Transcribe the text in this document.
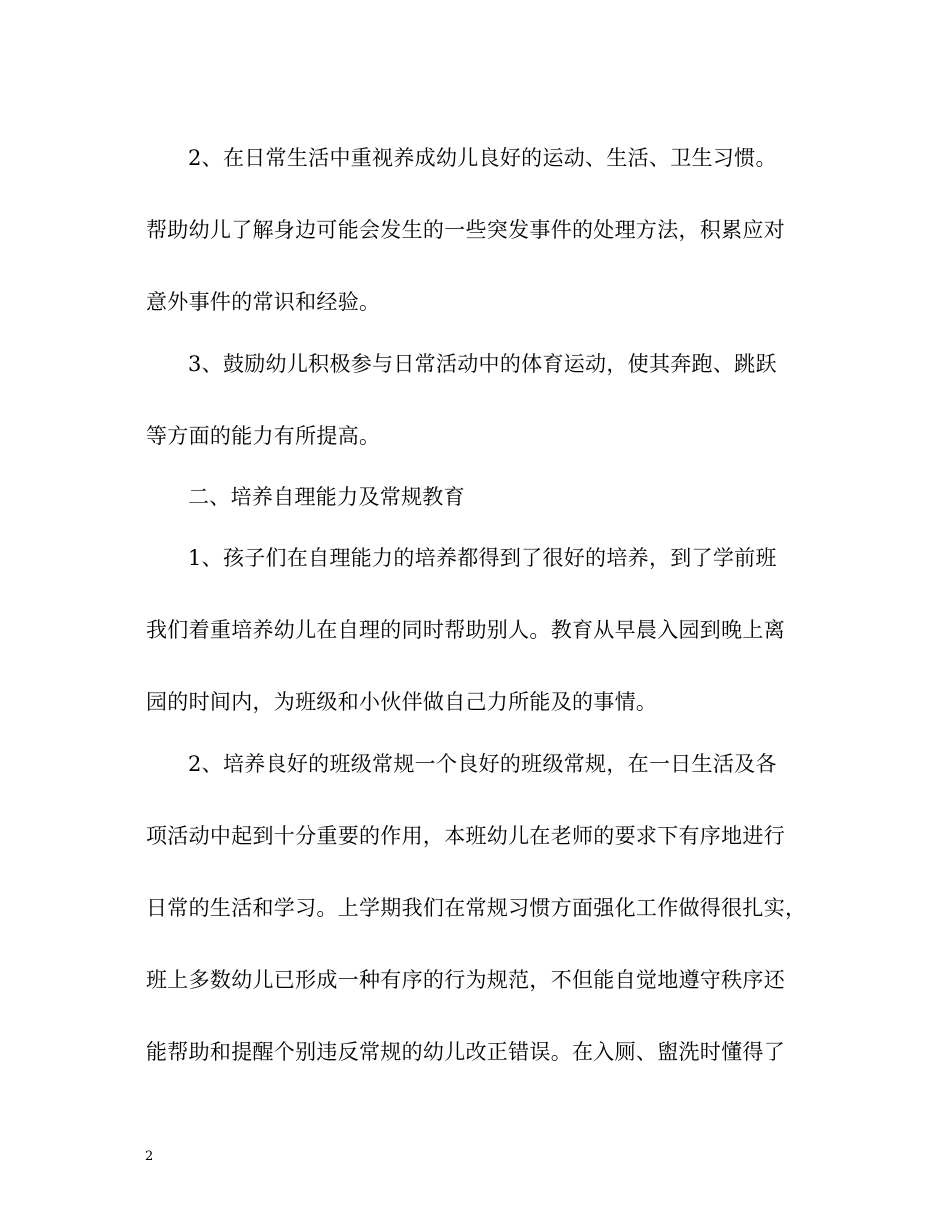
2、在日常生活中重视养成幼儿良好的运动、生活、卫生习惯。
帮助幼儿了解身边可能会发生的一些突发事件的处理方法，积累应对
意外事件的常识和经验。
3、鼓励幼儿积极参与日常活动中的体育运动，使其奔跑、跳跃
等方面的能力有所提高。
二、培养自理能力及常规教育
1、孩子们在自理能力的培养都得到了很好的培养，到了学前班
我们着重培养幼儿在自理的同时帮助别人。教育从早晨入园到晚上离
园的时间内，为班级和小伙伴做自己力所能及的事情。
2、培养良好的班级常规一个良好的班级常规，在一日生活及各
项活动中起到十分重要的作用，本班幼儿在老师的要求下有序地进行
日常的生活和学习。上学期我们在常规习惯方面强化工作做得很扎实，
班上多数幼儿已形成一种有序的行为规范，不但能自觉地遵守秩序还
能帮助和提醒个别违反常规的幼儿改正错误。在入厕、盥洗时懂得了
2
